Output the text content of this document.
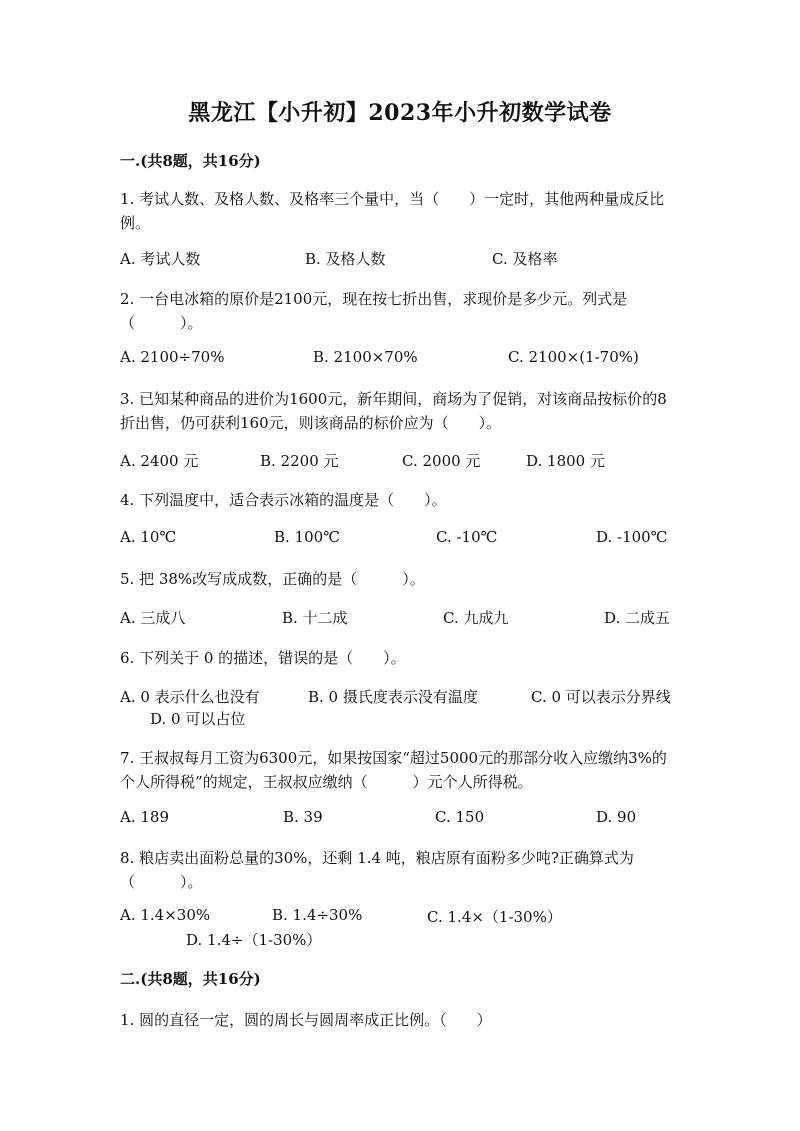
黑龙江【小升初】2023年小升初数学试卷
一.(共8题，共16分)
1. 考试人数、及格人数、及格率三个量中，当（　　）一定时，其他两种量成反比例。
A. 考试人数	B. 及格人数	C. 及格率
2. 一台电冰箱的原价是2100元，现在按七折出售，求现价是多少元。列式是（　　　）。
A. 2100÷70%	B. 2100×70%	C. 2100×(1-70%)
3. 已知某种商品的进价为1600元，新年期间，商场为了促销，对该商品按标价的8折出售，仍可获利160元，则该商品的标价应为（　　）。
A. 2400 元	B. 2200 元	C. 2000 元	D. 1800 元
4. 下列温度中，适合表示冰箱的温度是（　　）。
A. 10℃	B. 100℃	C. -10℃	D. -100℃
5. 把 38%改写成成数，正确的是（　　　）。
A. 三成八	B. 十二成	C. 九成九	D. 二成五
6. 下列关于 0 的描述，错误的是（　　）。
A. 0 表示什么也没有	B. 0 摄氏度表示没有温度	C. 0 可以表示分界线
D. 0 可以占位
7. 王叔叔每月工资为6300元，如果按国家“超过5000元的那部分收入应缴纳3%的个人所得税”的规定，王叔叔应缴纳（　　　）元个人所得税。
A. 189	B. 39	C. 150	D. 90
8. 粮店卖出面粉总量的30%，还剩 1.4 吨，粮店原有面粉多少吨?正确算式为（　　　）。
A. 1.4×30%	B. 1.4÷30%	C. 1.4×（1-30%）
D. 1.4÷（1-30%）
二.(共8题，共16分)
1. 圆的直径一定，圆的周长与圆周率成正比例。（　　）
